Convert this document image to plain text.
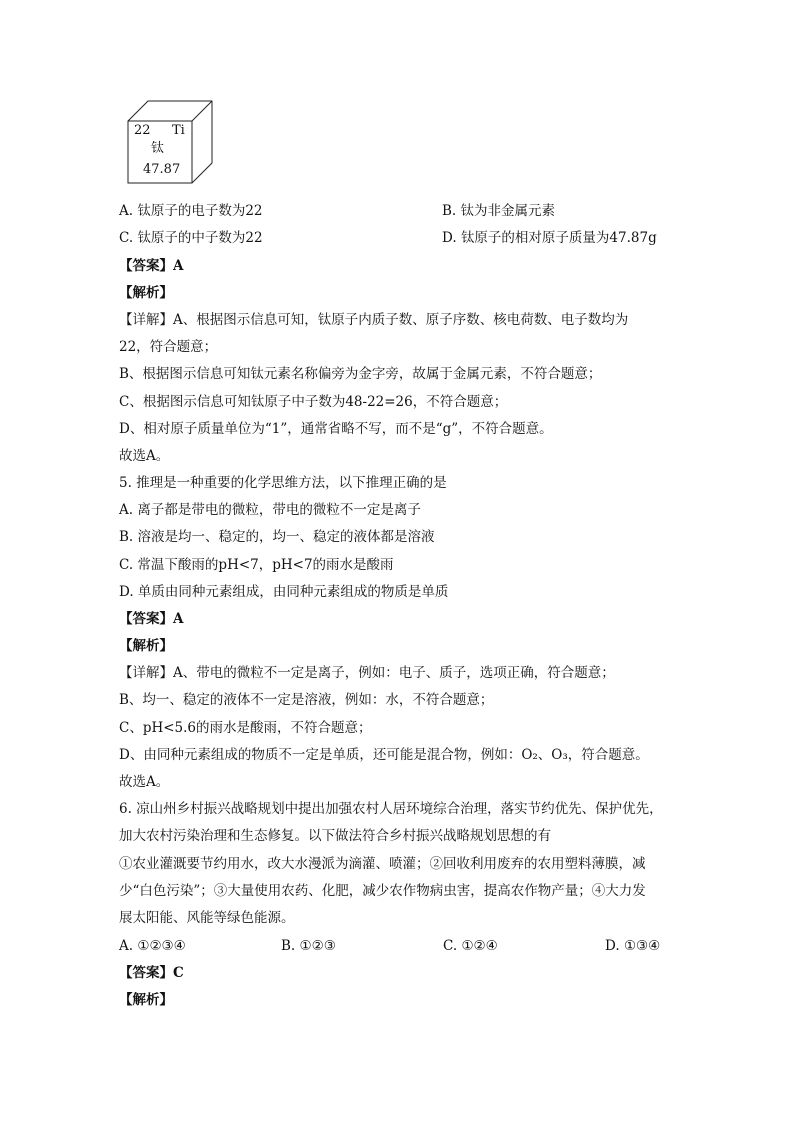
22 Ti
钛
47.87
A. 钛原子的电子数为22	B. 钛为非金属元素
C. 钛原子的中子数为22	D. 钛原子的相对原子质量为47.87g
【答案】A
【解析】
【详解】A、根据图示信息可知，钛原子内质子数、原子序数、核电荷数、电子数均为
22，符合题意；
B、根据图示信息可知钛元素名称偏旁为金字旁，故属于金属元素，不符合题意；
C、根据图示信息可知钛原子中子数为48-22=26，不符合题意；
D、相对原子质量单位为“1”，通常省略不写，而不是“g”，不符合题意。
故选A。
5. 推理是一种重要的化学思维方法，以下推理正确的是
A. 离子都是带电的微粒，带电的微粒不一定是离子
B. 溶液是均一、稳定的，均一、稳定的液体都是溶液
C. 常温下酸雨的pH<7，pH<7的雨水是酸雨
D. 单质由同种元素组成，由同种元素组成的物质是单质
【答案】A
【解析】
【详解】A、带电的微粒不一定是离子，例如：电子、质子，选项正确，符合题意；
B、均一、稳定的液体不一定是溶液，例如：水，不符合题意；
C、pH<5.6的雨水是酸雨，不符合题意；
D、由同种元素组成的物质不一定是单质，还可能是混合物，例如：O₂、O₃，符合题意。
故选A。
6. 凉山州乡村振兴战略规划中提出加强农村人居环境综合治理，落实节约优先、保护优先，
加大农村污染治理和生态修复。以下做法符合乡村振兴战略规划思想的有
①农业灌溉要节约用水，改大水漫派为滴灌、喷灌；②回收利用废弃的农用塑料薄膜，减
少“白色污染”；③大量使用农药、化肥，减少农作物病虫害，提高农作物产量；④大力发
展太阳能、风能等绿色能源。
A. ①②③④	B. ①②③	C. ①②④	D. ①③④
【答案】C
【解析】
